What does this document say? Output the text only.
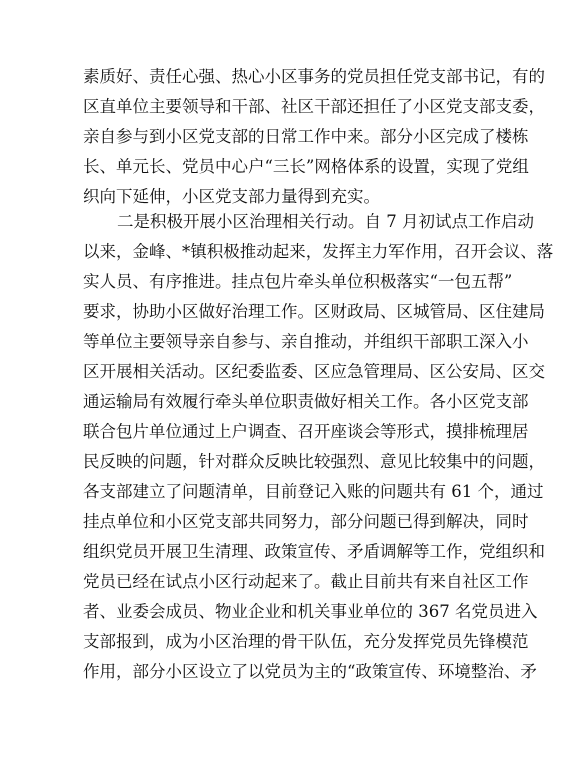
素质好、责任心强、热心小区事务的党员担任党支部书记，有的
区直单位主要领导和干部、社区干部还担任了小区党支部支委，
亲自参与到小区党支部的日常工作中来。部分小区完成了楼栋
长、单元长、党员中心户“三长”网格体系的设置，实现了党组
织向下延伸，小区党支部力量得到充实。
二是积极开展小区治理相关行动。自 7 月初试点工作启动
以来，金峰、*镇积极推动起来，发挥主力军作用，召开会议、落
实人员、有序推进。挂点包片牵头单位积极落实“一包五帮”
要求，协助小区做好治理工作。区财政局、区城管局、区住建局
等单位主要领导亲自参与、亲自推动，并组织干部职工深入小
区开展相关活动。区纪委监委、区应急管理局、区公安局、区交
通运输局有效履行牵头单位职责做好相关工作。各小区党支部
联合包片单位通过上户调查、召开座谈会等形式，摸排梳理居
民反映的问题，针对群众反映比较强烈、意见比较集中的问题，
各支部建立了问题清单，目前登记入账的问题共有 61 个，通过
挂点单位和小区党支部共同努力，部分问题已得到解决，同时
组织党员开展卫生清理、政策宣传、矛盾调解等工作，党组织和
党员已经在试点小区行动起来了。截止目前共有来自社区工作
者、业委会成员、物业企业和机关事业单位的 367 名党员进入
支部报到，成为小区治理的骨干队伍，充分发挥党员先锋模范
作用，部分小区设立了以党员为主的“政策宣传、环境整治、矛
